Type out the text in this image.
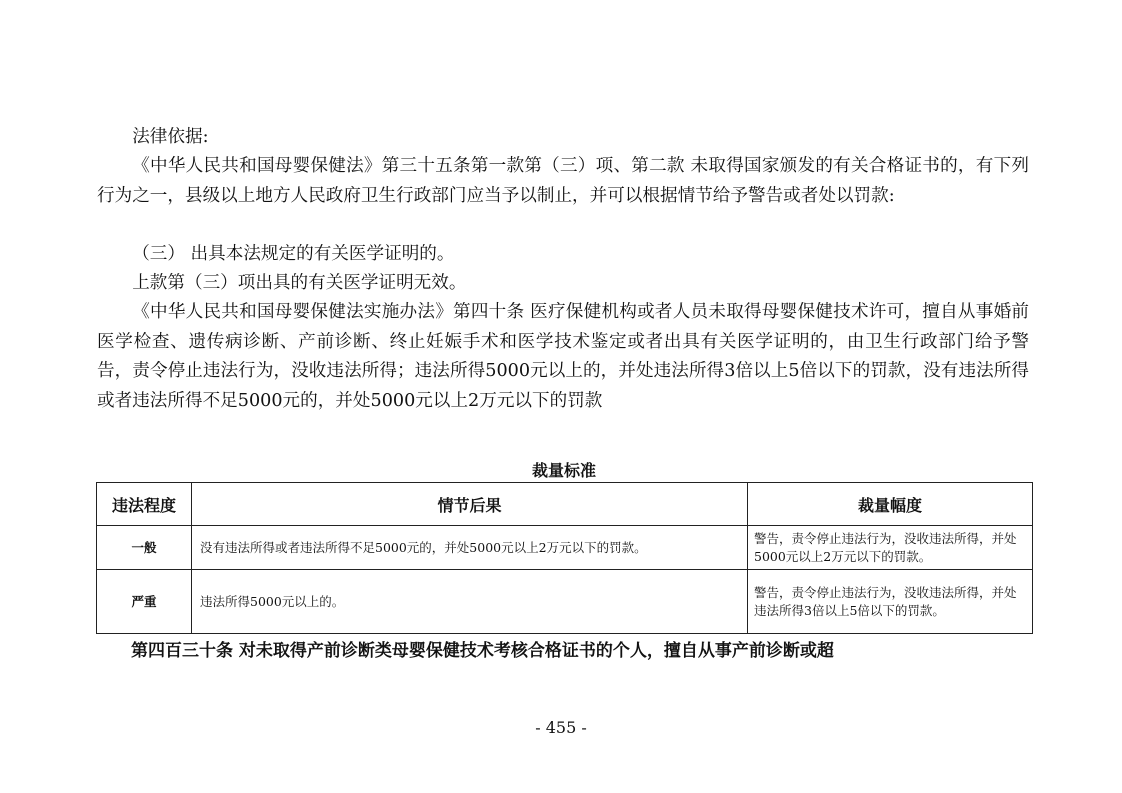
法律依据:
《中华人民共和国母婴保健法》第三十五条第一款第（三）项、第二款 未取得国家颁发的有关合格证书的，有下列行为之一，县级以上地方人民政府卫生行政部门应当予以制止，并可以根据情节给予警告或者处以罚款:
（三） 出具本法规定的有关医学证明的。
上款第（三）项出具的有关医学证明无效。
《中华人民共和国母婴保健法实施办法》第四十条 医疗保健机构或者人员未取得母婴保健技术许可，擅自从事婚前医学检查、遗传病诊断、产前诊断、终止妊娠手术和医学技术鉴定或者出具有关医学证明的，由卫生行政部门给予警告，责令停止违法行为，没收违法所得；违法所得5000元以上的，并处违法所得3倍以上5倍以下的罚款，没有违法所得或者违法所得不足5000元的，并处5000元以上2万元以下的罚款
裁量标准
违法程度	情节后果	裁量幅度
一般	没有违法所得或者违法所得不足5000元的，并处5000元以上2万元以下的罚款。	警告，责令停止违法行为，没收违法所得，并处5000元以上2万元以下的罚款。
严重	违法所得5000元以上的。	警告，责令停止违法行为，没收违法所得，并处违法所得3倍以上5倍以下的罚款。
第四百三十条 对未取得产前诊断类母婴保健技术考核合格证书的个人，擅自从事产前诊断或超
- 455 -
